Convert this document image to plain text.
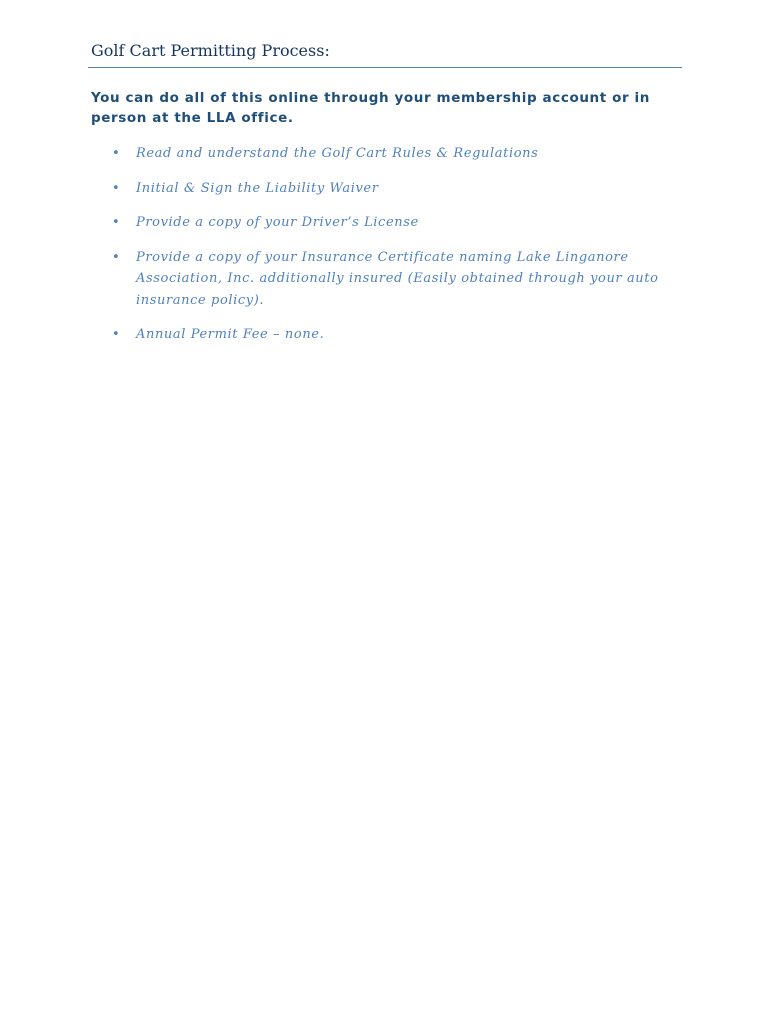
Golf Cart Permitting Process:
You can do all of this online through your membership account or in person at the LLA office.
• Read and understand the Golf Cart Rules & Regulations
• Initial & Sign the Liability Waiver
• Provide a copy of your Driver’s License
• Provide a copy of your Insurance Certificate naming Lake Linganore Association, Inc. additionally insured (Easily obtained through your auto insurance policy).
• Annual Permit Fee – none.
